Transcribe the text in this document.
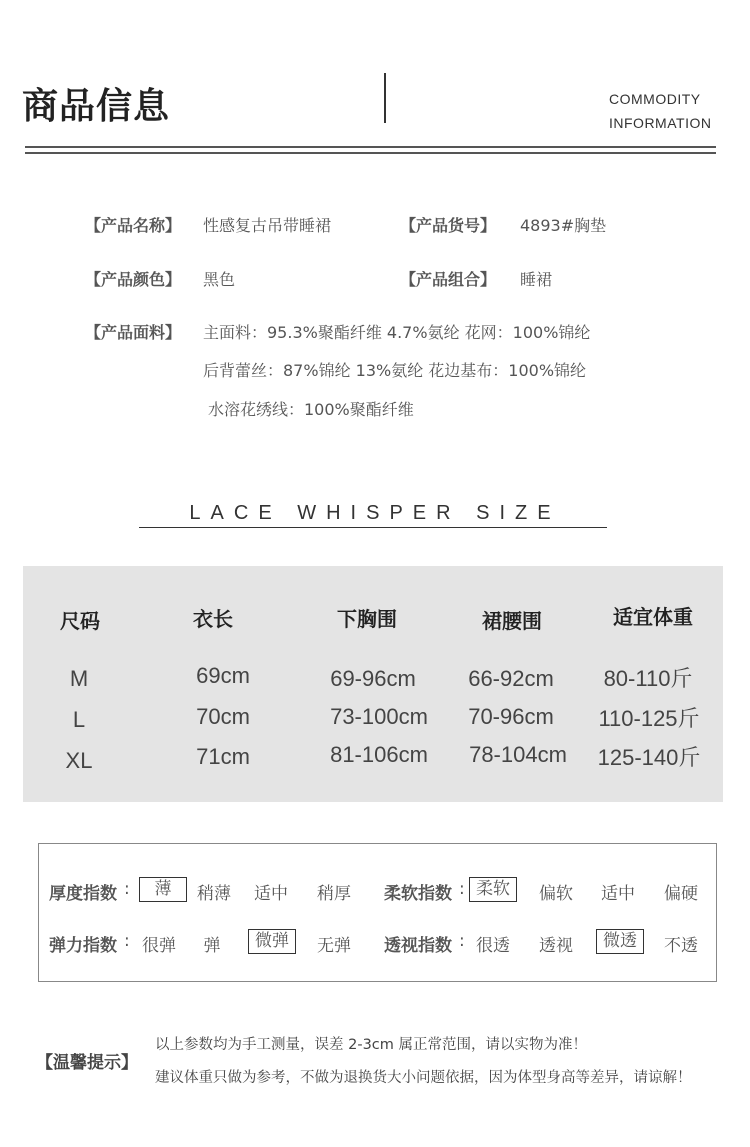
商品信息	COMMODITY
INFORMATION
【产品名称】 性感复古吊带睡裙	【产品货号】 4893#胸垫
【产品颜色】 黑色	【产品组合】 睡裙
【产品面料】 主面料：95.3%聚酯纤维 4.7%氨纶 花网：100%锦纶
后背蕾丝：87%锦纶 13%氨纶 花边基布：100%锦纶
水溶花绣线：100%聚酯纤维
LACE WHISPER SIZE
尺码	衣长	下胸围	裙腰围	适宜体重
M	69cm	69-96cm	66-92cm	80-110斤
L	70cm	73-100cm	70-96cm	110-125斤
XL	71cm	81-106cm	78-104cm	125-140斤
厚度指数 :	薄	稍薄	适中	稍厚	柔软指数 : 柔软	偏软	适中	偏硬
弹力指数 : 很弹	弹	微弹	无弹	透视指数 : 很透	透视	微透	不透
【温馨提示】
以上参数均为手工测量，误差 2-3cm 属正常范围，请以实物为准！
建议体重只做为参考，不做为退换货大小问题依据，因为体型身高等差异，请谅解！
